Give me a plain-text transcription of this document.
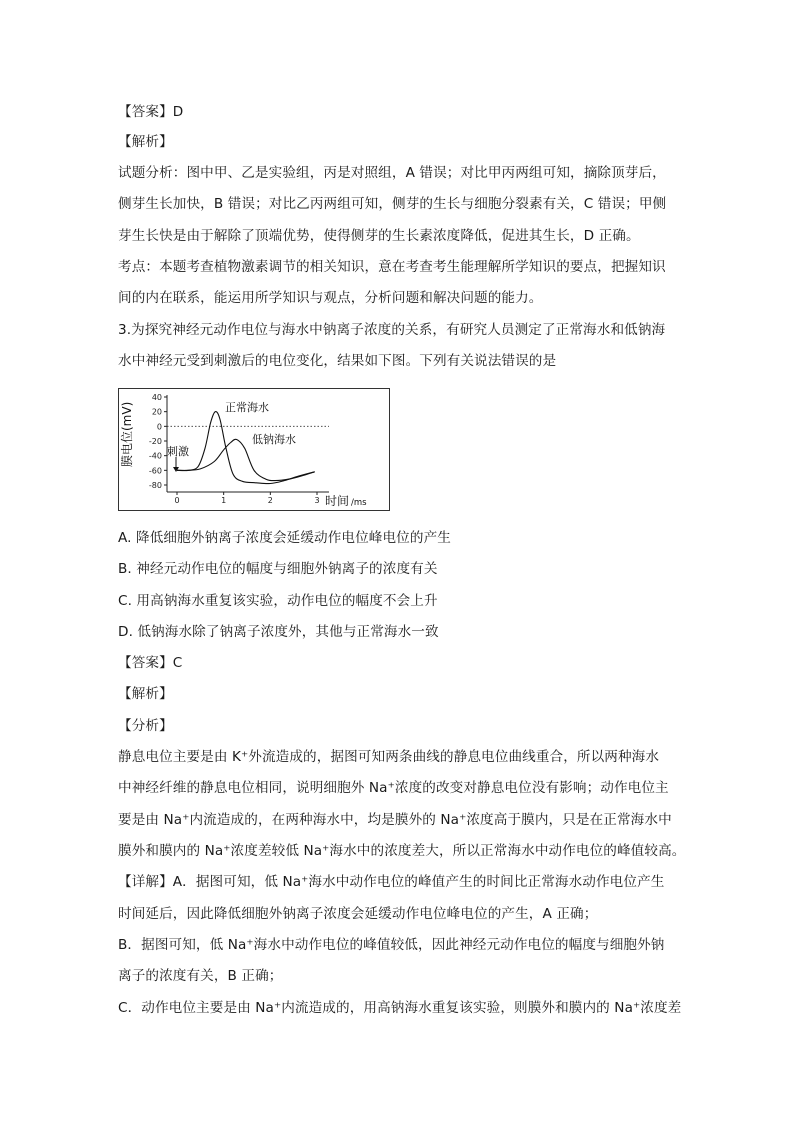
【答案】D
【解析】
试题分析：图中甲、乙是实验组，丙是对照组，A 错误；对比甲丙两组可知，摘除顶芽后，
侧芽生长加快，B 错误；对比乙丙两组可知，侧芽的生长与细胞分裂素有关，C 错误；甲侧
芽生长快是由于解除了顶端优势，使得侧芽的生长素浓度降低，促进其生长，D 正确。
考点：本题考查植物激素调节的相关知识，意在考查考生能理解所学知识的要点，把握知识
间的内在联系，能运用所学知识与观点，分析问题和解决问题的能力。
3.为探究神经元动作电位与海水中钠离子浓度的关系，有研究人员测定了正常海水和低钠海
水中神经元受到刺激后的电位变化，结果如下图。下列有关说法错误的是
膜电位(mV)
时间 /ms
刺激
40
20
0
-20
-40
-60
-80
0	1	2	3
正常海水
低钠海水
A. 降低细胞外钠离子浓度会延缓动作电位峰电位的产生
B. 神经元动作电位的幅度与细胞外钠离子的浓度有关
C. 用高钠海水重复该实验，动作电位的幅度不会上升
D. 低钠海水除了钠离子浓度外，其他与正常海水一致
【答案】C
【解析】
【分析】
静息电位主要是由 K⁺外流造成的，据图可知两条曲线的静息电位曲线重合，所以两种海水
中神经纤维的静息电位相同，说明细胞外 Na⁺浓度的改变对静息电位没有影响；动作电位主
要是由 Na⁺内流造成的，在两种海水中，均是膜外的 Na⁺浓度高于膜内，只是在正常海水中
膜外和膜内的 Na⁺浓度差较低 Na⁺海水中的浓度差大，所以正常海水中动作电位的峰值较高。
【详解】A．据图可知，低 Na⁺海水中动作电位的峰值产生的时间比正常海水动作电位产生
时间延后，因此降低细胞外钠离子浓度会延缓动作电位峰电位的产生，A 正确；
B．据图可知，低 Na⁺海水中动作电位的峰值较低，因此神经元动作电位的幅度与细胞外钠
离子的浓度有关，B 正确；
C．动作电位主要是由 Na⁺内流造成的，用高钠海水重复该实验，则膜外和膜内的 Na⁺浓度差
